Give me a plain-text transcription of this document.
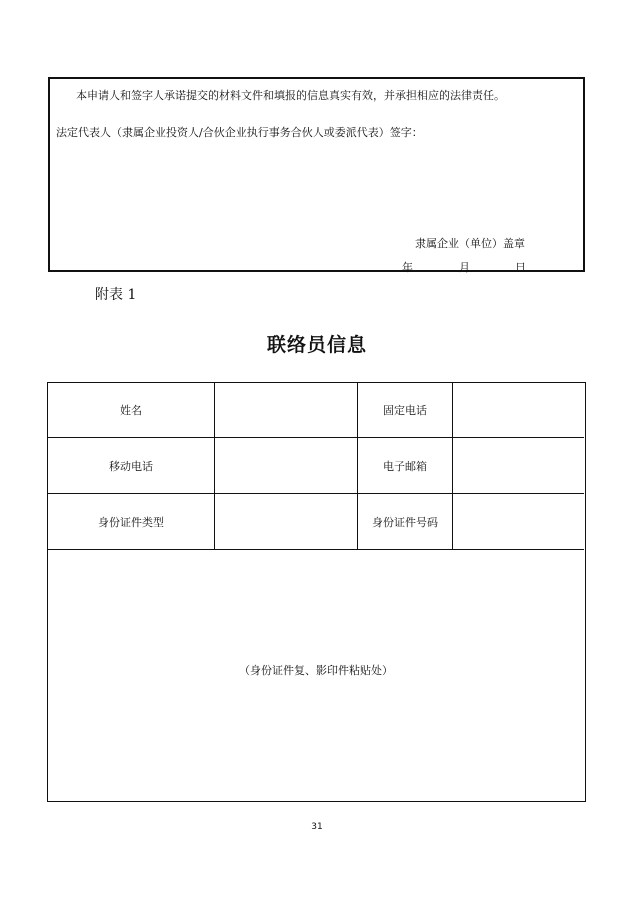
本申请人和签字人承诺提交的材料文件和填报的信息真实有效，并承担相应的法律责任。
法定代表人（隶属企业投资人/合伙企业执行事务合伙人或委派代表）签字：
隶属企业（单位）盖章
年	月	日
附表 1
联络员信息
姓名	固定电话
移动电话	电子邮箱
身份证件类型	身份证件号码
（身份证件复、影印件粘贴处）
31
